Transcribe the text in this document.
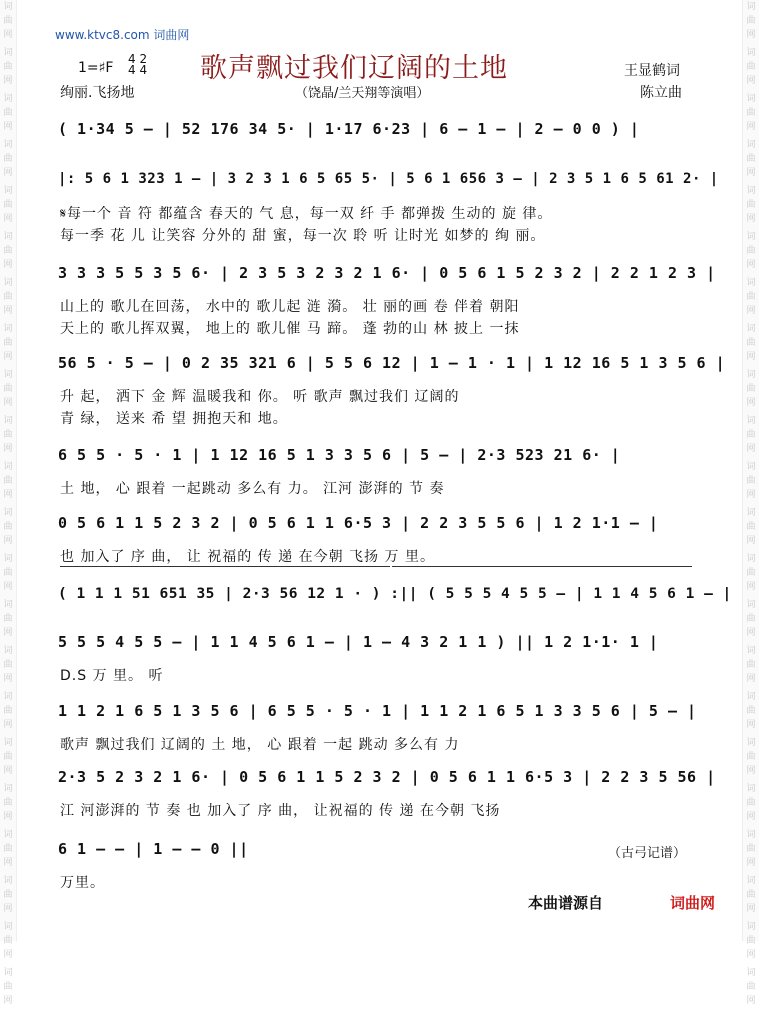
词
曲
网
词
曲
网
词
曲
网
词
曲
网
词
曲
网
词
曲
网
词
曲
网
词
曲
网
词
曲
网
词
曲
网
词
曲
网
词
曲
网
词
曲
网
词
曲
网
词
曲
网
词
曲
网
词
曲
网
词
曲
网
词
曲
网
词
曲
网
词
曲
网
词
曲
网
词
曲
网
词
曲
网
词
曲
网
词
曲
网
词
曲
网
词
曲
网
词
曲
网
词
曲
网
词
曲
网
词
曲
网
词
曲
网
词
曲
网
词
曲
网
词
曲
网
词
曲
网
词
曲
网
词
曲
网
词
曲
网
词
曲
网
词
曲
网
词
曲
网
词
曲
网
www.ktvc8.com 词曲网
歌声飘过我们辽阔的土地
1=♯F
4 2
4 4	王显鹤词
陈立曲
绚丽.飞扬地	（饶晶/兰天翔等演唱）
( 1·34 5 – | 52 176 34 5· | 1·17 6·23 | 6 – 1 – | 2 – 0 0 ) |
|: 5 6 1 323 1 – | 3 2 3 1 6 5 65 5· | 5 6 1 656 3 – | 2 3 5 1 6 5 61 2· |
𝄋每一个 音 符 都蕴含 春天的 气 息，每一双 纤 手 都弹拨 生动的 旋 律。
每一季 花 儿 让笑容 分外的 甜 蜜，每一次 聆 听 让时光 如梦的 绚 丽。
3 3 3 5 5 3 5 6· | 2 3 5 3 2 3 2 1 6· | 0 5 6 1 5 2 3 2 | 2 2 1 2 3 |
山上的 歌儿在回荡， 水中的 歌儿起 涟 漪。 壮 丽的画 卷 伴着 朝阳
天上的 歌儿挥双翼， 地上的 歌儿催 马 蹄。 蓬 勃的山 林 披上 一抹
56 5 · 5 – | 0 2 35 321 6 | 5 5 6 12 | 1 – 1 · 1 | 1 12 16 5 1 3 5 6 |
升 起， 洒下 金 辉 温暖我和 你。 听 歌声 飘过我们 辽阔的
青 绿， 送来 希 望 拥抱天和 地。
6 5 5 · 5 · 1 | 1 12 16 5 1 3 3 5 6 | 5 – | 2·3 523 21 6· |
土 地， 心 跟着 一起跳动 多么有 力。 江河 澎湃的 节 奏
0 5 6 1 1 5 2 3 2 | 0 5 6 1 1 6·5 3 | 2 2 3 5 5 6 | 1 2 1·1 – |
也 加入了 序 曲， 让 祝福的 传 递 在今朝 飞扬 万 里。
( 1 1 1 51 651 35 | 2·3 56 12 1 · ) :|| ( 5 5 5 4 5 5 – | 1 1 4 5 6 1 – |
5 5 5 4 5 5 – | 1 1 4 5 6 1 – | 1 – 4 3 2 1 1 ) || 1 2 1·1· 1 |
D.S 万 里。 听
1 1 2 1 6 5 1 3 5 6 | 6 5 5 · 5 · 1 | 1 1 2 1 6 5 1 3 3 5 6 | 5 – |
歌声 飘过我们 辽阔的 土 地， 心 跟着 一起 跳动 多么有 力
2·3 5 2 3 2 1 6· | 0 5 6 1 1 5 2 3 2 | 0 5 6 1 1 6·5 3 | 2 2 3 5 56 |
江 河澎湃的 节 奏 也 加入了 序 曲， 让祝福的 传 递 在今朝 飞扬
6 1 – – | 1 – – 0 ||
万里。
（古弓记谱）
本曲谱源自	词曲网
